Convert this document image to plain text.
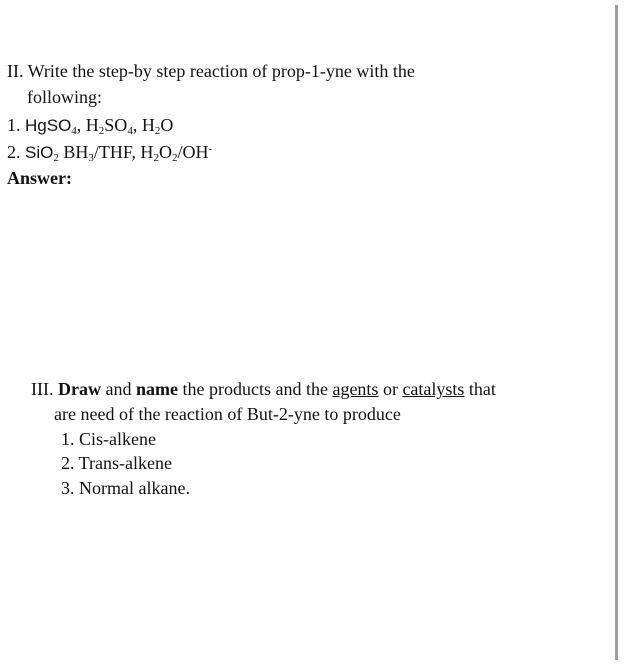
II. Write the step-by step reaction of prop-1-yne with the
following:
1. HgSO$_4$, $H_2SO_4$, $H_2O$
2. SiO$_2$ $BH_3$/THF, $H_2O_2/OH^-$
Answer:
III. Draw and name the products and the agents or catalysts that
are need of the reaction of But-2-yne to produce
1. Cis-alkene
2. Trans-alkene
3. Normal alkane.
